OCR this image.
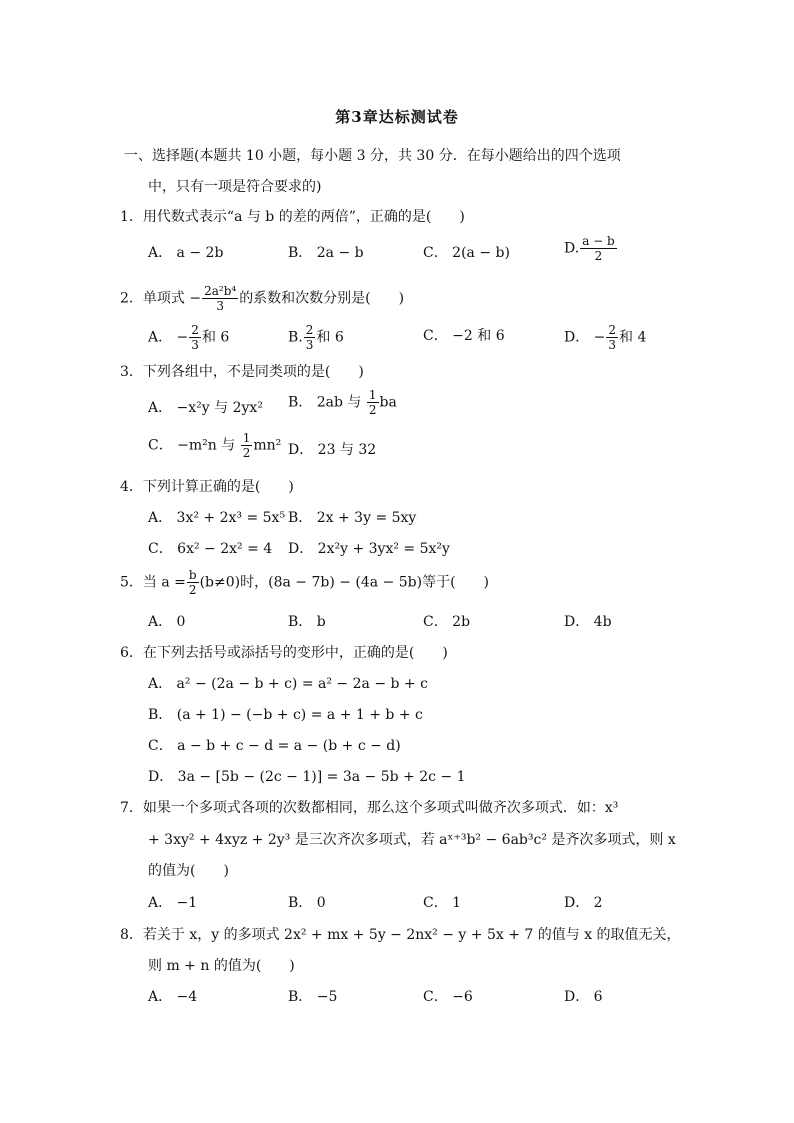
第3章达标测试卷
一、选择题(本题共 10 小题，每小题 3 分，共 30 分．在每小题给出的四个选项
中，只有一项是符合要求的)
1．用代数式表示“a 与 b 的差的两倍”，正确的是(　　)
A． a − 2b	B． 2a − b	C． 2(a − b)	D. $\frac{a - b}{2}$
2．单项式 − $\frac{\text{2a²b⁴}}{3}$ 的系数和次数分别是(　　)
A． − $\frac{2}{3}$ 和 6	B. $\frac{2}{3}$ 和 6	C． −2 和 6	D． − $\frac{2}{3}$ 和 4
3．下列各组中，不是同类项的是(　　)
A． −x²y 与 2yx² B． 2ab 与 $\frac{1}{2}$ ba
C． −m²n 与 $\frac{1}{2} mn^2$ D． 23 与 32
4．下列计算正确的是(　　)
A． 3x² + 2x³ = 5x⁵ B． 2x + 3y = 5xy
C． 6x² − 2x² = 4 D． 2x²y + 3yx² = 5x²y
5．当 $a = \frac{b}{2} (b\ne 0)$时，(8a − 7b) − (4a − 5b)等于(　　)
A． 0	B． b	C． 2b	D． 4b
6．在下列去括号或添括号的变形中，正确的是(　　)
A． a² − (2a − b + c) = a² − 2a − b + c
B． (a + 1) − (−b + c) = a + 1 + b + c
C． a − b + c − d = a − (b + c − d)
D． 3a − [5b − (2c − 1)] = 3a − 5b + 2c − 1
7．如果一个多项式各项的次数都相同，那么这个多项式叫做齐次多项式．如：x³
+ 3xy² + 4xyz + 2y³ 是三次齐次多项式，若 aˣ⁺³b² − 6ab³c² 是齐次多项式，则 x
的值为(　　)
A． −1	B． 0	C． 1	D． 2
8．若关于 x，y 的多项式 2x² + mx + 5y − 2nx² − y + 5x + 7 的值与 x 的取值无关，
则 m + n 的值为(　　)
A． −4	B． −5	C． −6	D． 6
